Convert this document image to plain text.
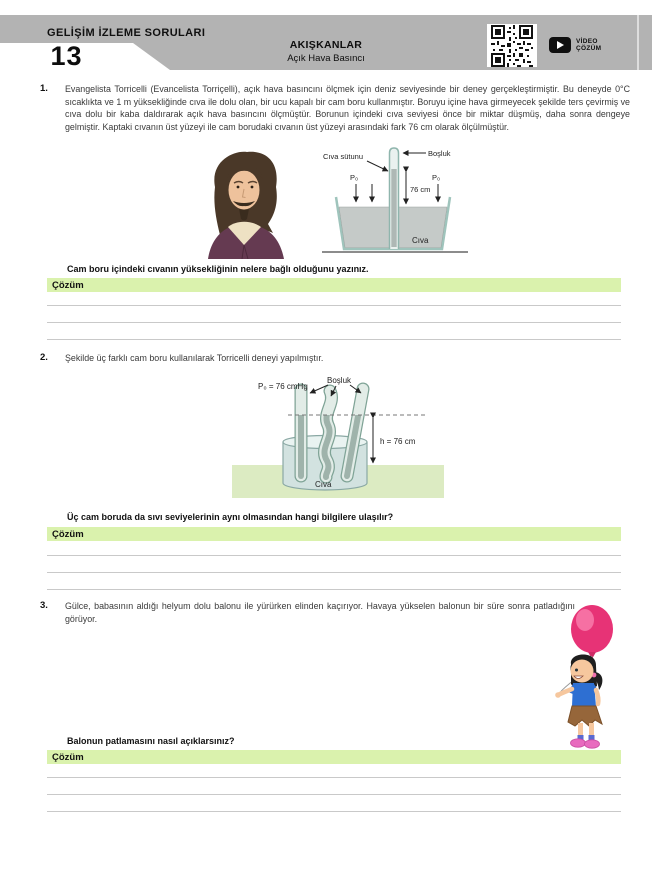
GELİŞİM İZLEME SORULARI
13	AKIŞKANLAR
Açık Hava Basıncı
VİDEO
ÇÖZÜM
1.	Evangelista Torricelli (Evancelista Torriçelli), açık hava basıncını ölçmek için deniz seviyesinde bir deney gerçekleştirmiştir. Bu deneyde 0°C sıcaklıkta ve 1 m yüksekliğinde cıva ile dolu olan, bir ucu kapalı bir cam boru kullanmıştır. Boruyu içine hava girmeyecek şekilde ters çevirmiş ve cıva dolu bir kaba daldırarak açık hava basıncını ölçmüştür. Borunun içindeki cıva seviyesi önce bir miktar düşmüş, daha sonra dengeye gelmiştir. Kaptaki cıvanın üst yüzeyi ile cam borudaki cıvanın üst yüzeyi arasındaki fark 76 cm olarak ölçülmüştür.
Cıva sütunu	Boşluk
P₀	P₀
76 cm
Cıva
Cam boru içindeki cıvanın yüksekliğinin nelere bağlı olduğunu yazınız.
Çözüm
2.	Şekilde üç farklı cam boru kullanılarak Torricelli deneyi yapılmıştır.
h = 76 cm
P₀ = 76 cmHg
Boşluk
Cıva
Üç cam boruda da sıvı seviyelerinin aynı olmasından hangi bilgilere ulaşılır?
Çözüm
3.	Gülce, babasının aldığı helyum dolu balonu ile yürürken elinden kaçırıyor. Havaya yükselen balonun bir süre sonra patladığını görüyor.
Balonun patlamasını nasıl açıklarsınız?
Çözüm
